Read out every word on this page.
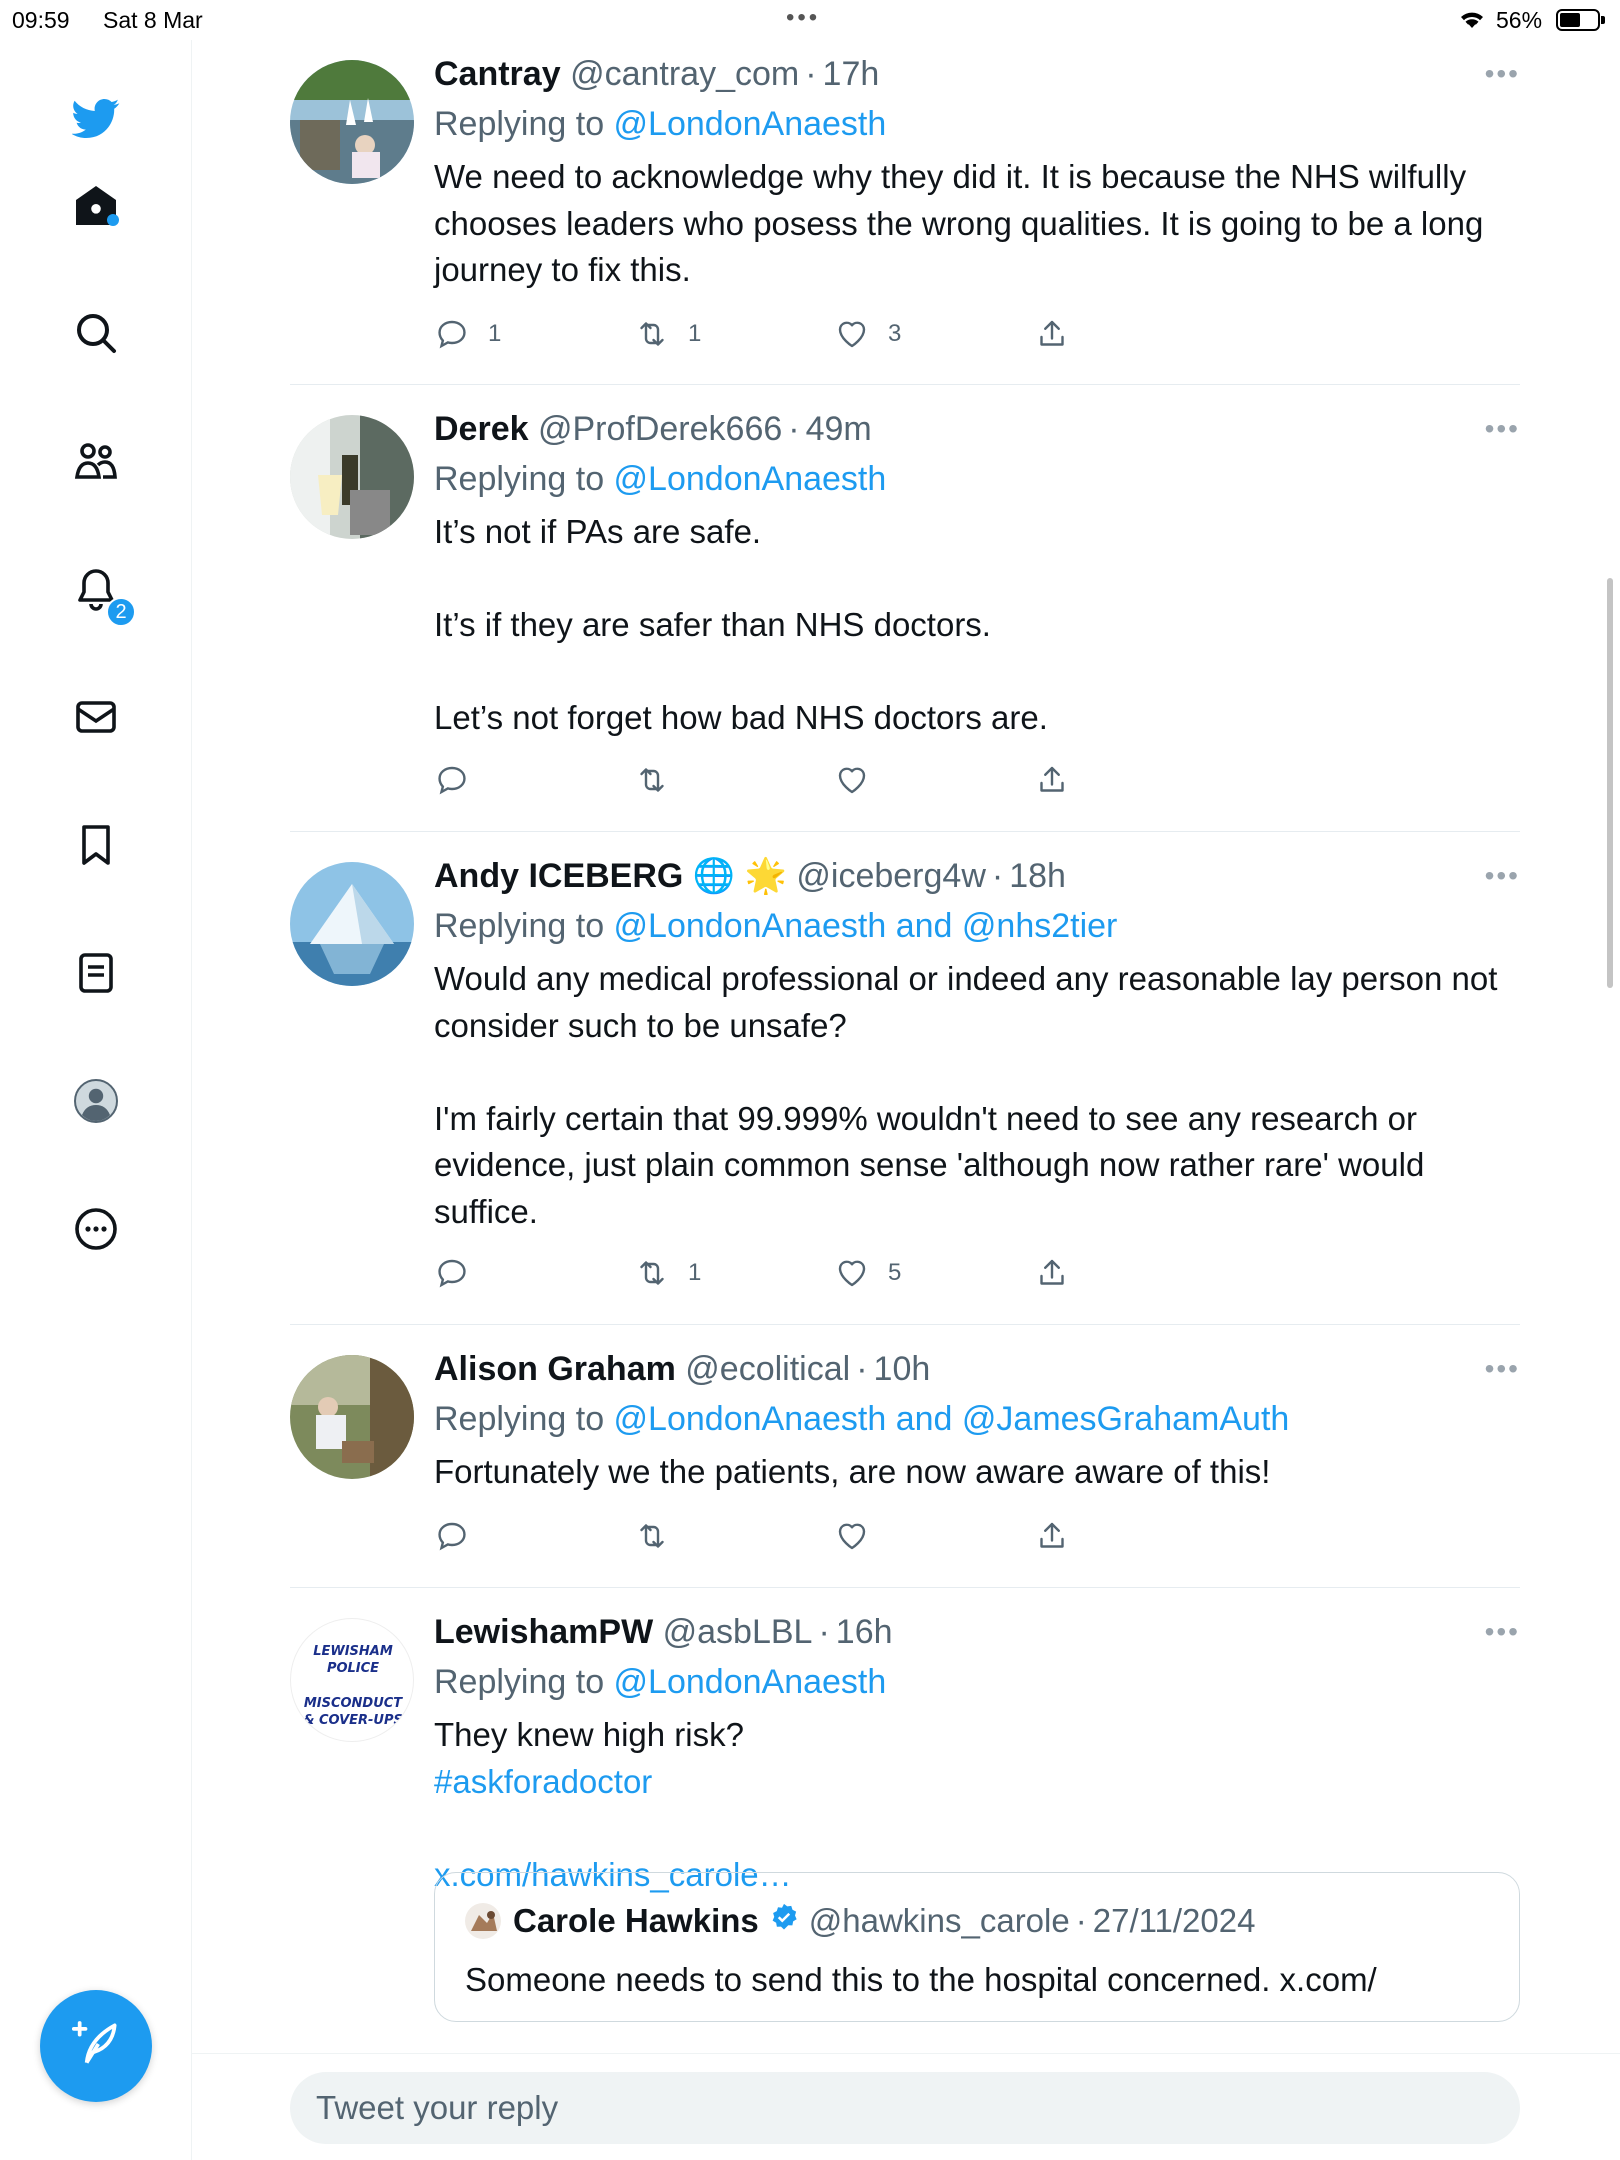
09:59 Sat 8 Mar	•••	56%
2
Cantray @cantray_com · 17h	•••
Replying to @LondonAnaesth
We need to acknowledge why they did it. It is because the NHS wilfully chooses leaders who posess the wrong qualities. It is going to be a long journey to fix this.
1	1	3
Derek @ProfDerek666 · 49m	•••
Replying to @LondonAnaesth
It’s not if PAs are safe.

It’s if they are safer than NHS doctors.

Let’s not forget how bad NHS doctors are.
Andy ICEBERG 🌐 🌟 @iceberg4w · 18h	•••
Replying to @LondonAnaesth and @nhs2tier
Would any medical professional or indeed any reasonable lay person not consider such to be unsafe?

I'm fairly certain that 99.999% wouldn't need to see any research or evidence, just plain common sense 'although now rather rare' would suffice.
1	5
Alison Graham @ecolitical · 10h	•••
Replying to @LondonAnaesth and @JamesGrahamAuth
Fortunately we the patients, are now aware aware of this!
LEWISHAM
POLICE
MISCONDUCT
& COVER-UPS
LewishamPW @asbLBL · 16h	•••
Replying to @LondonAnaesth
They knew high risk?
#askforadoctor

x.com/hawkins_carole…
Carole Hawkins @hawkins_carole · 27/11/2024
Someone needs to send this to the hospital concerned. x.com/
Tweet your reply
